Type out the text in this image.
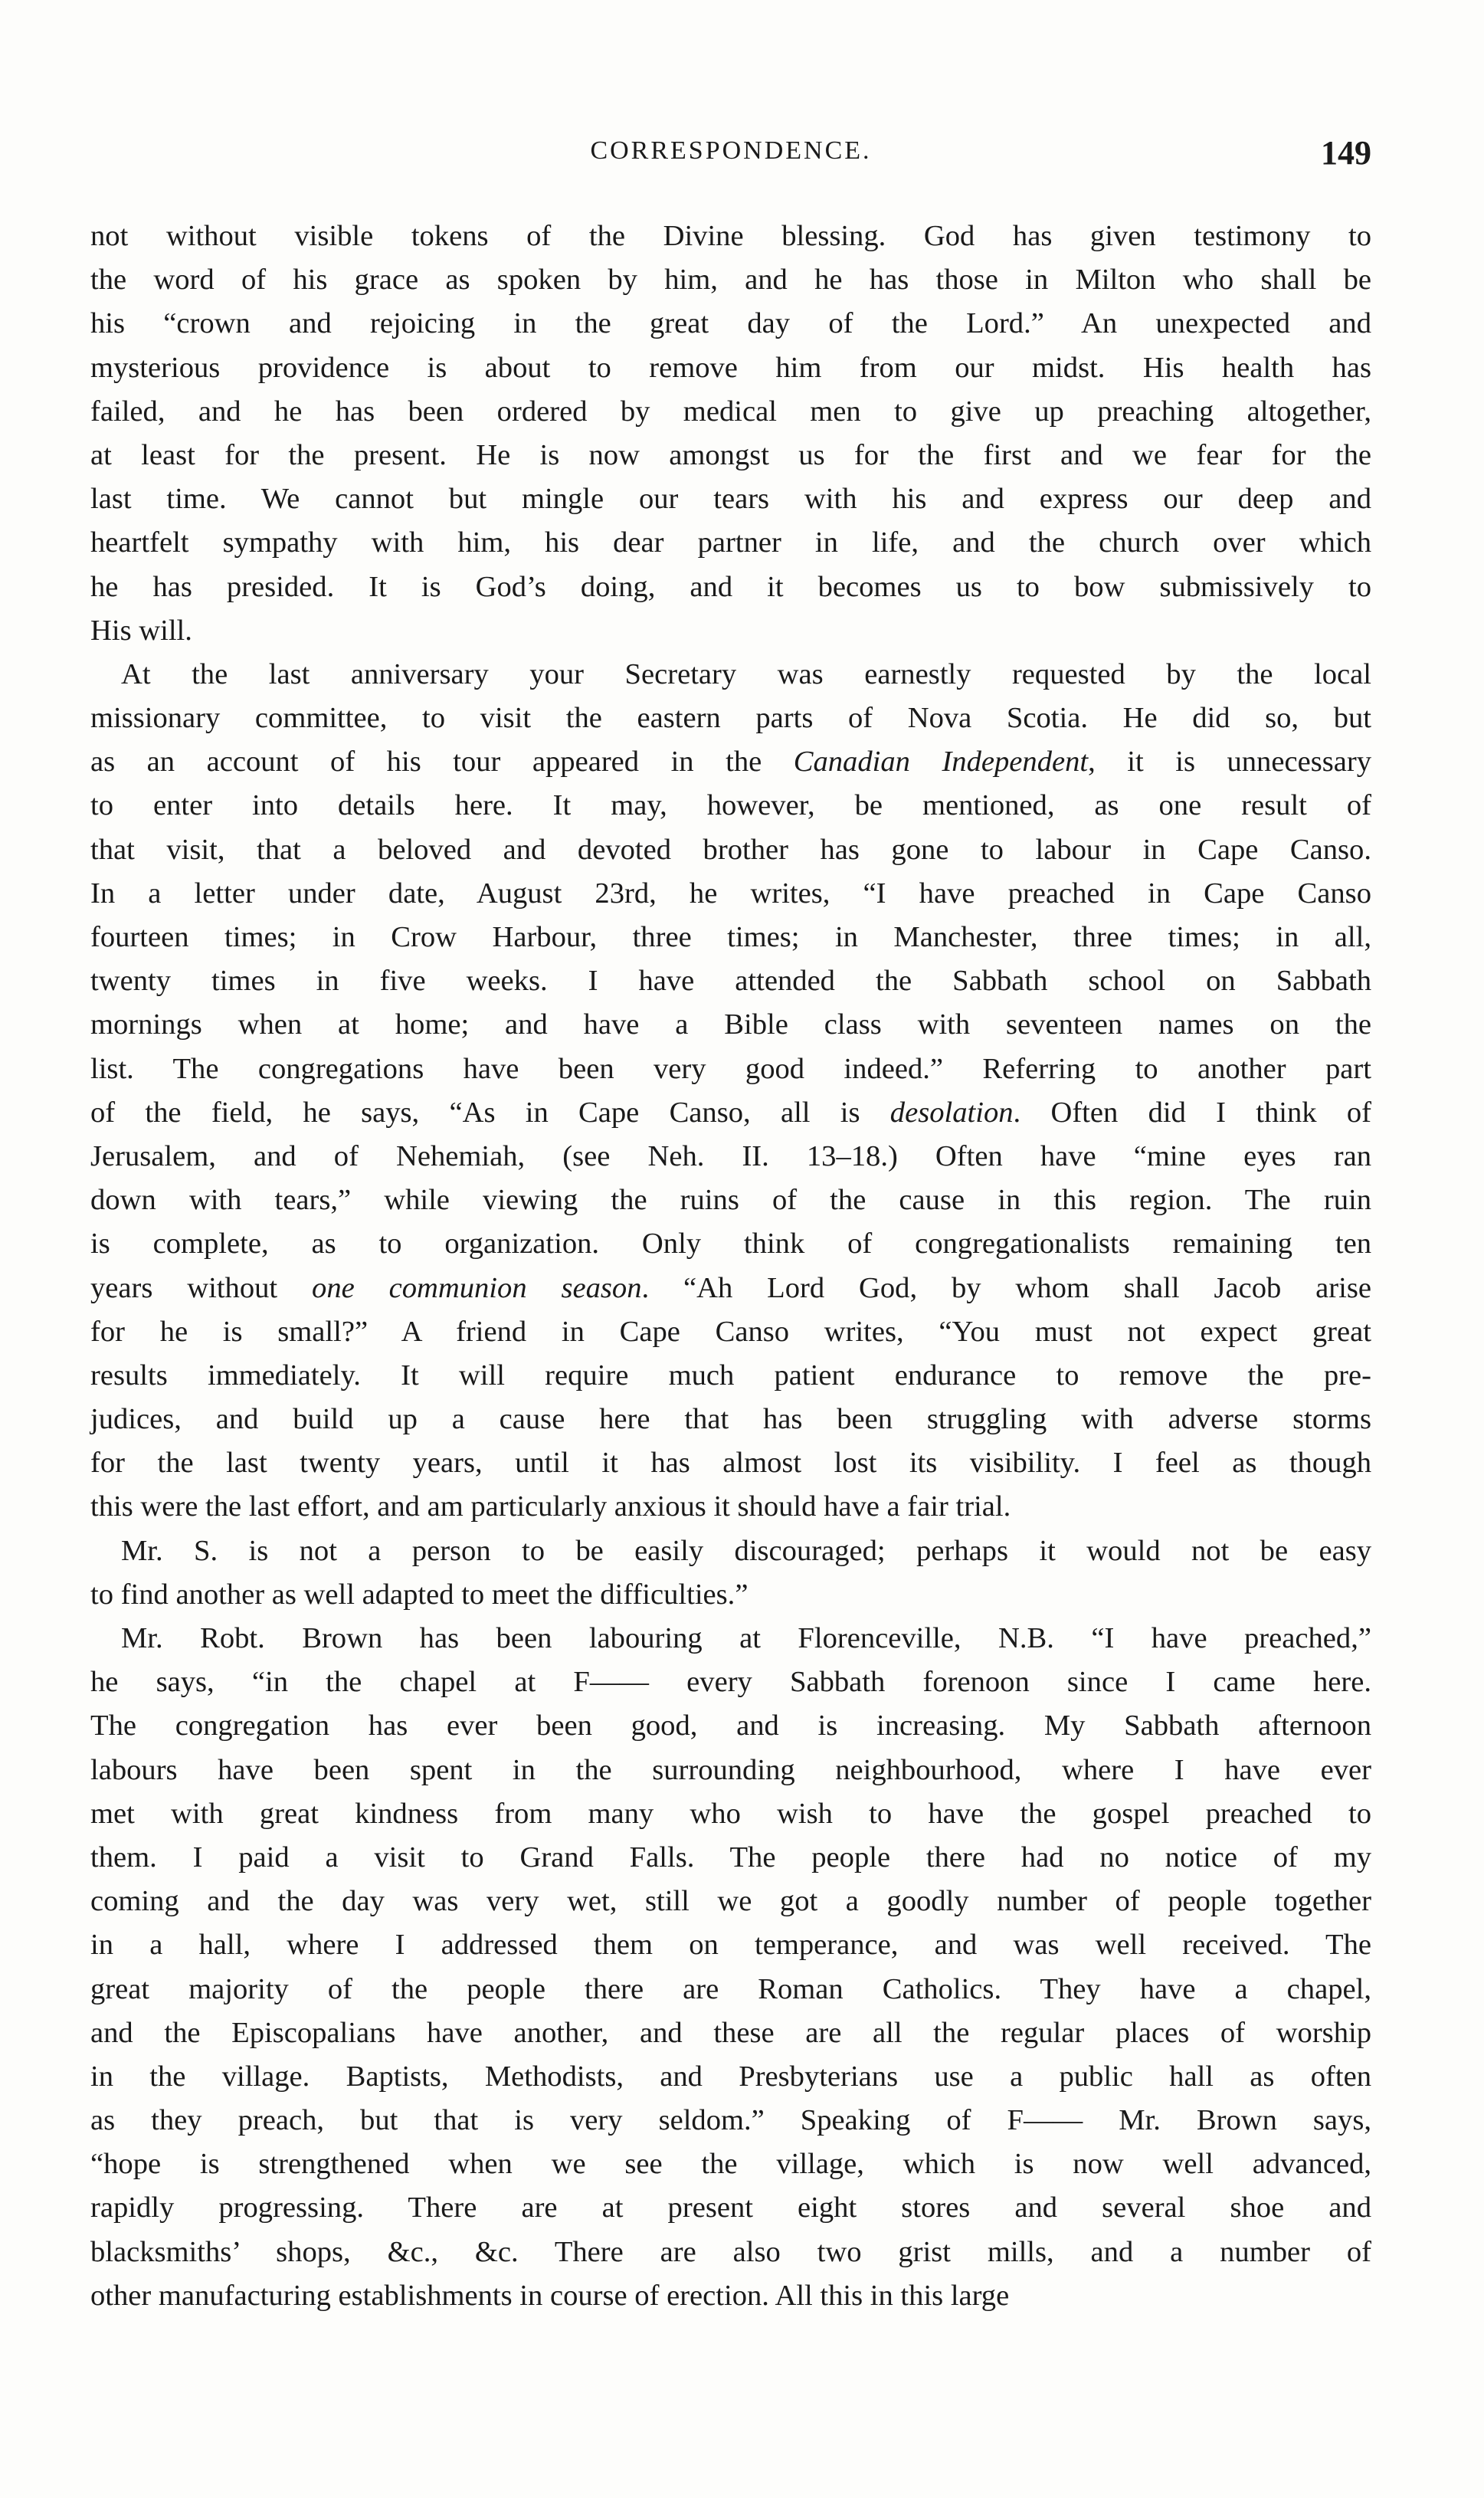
CORRESPONDENCE.	149
not without visible tokens of the Divine blessing. God has given testimony to
the word of his grace as spoken by him, and he has those in Milton who shall be
his “crown and rejoicing in the great day of the Lord.” An unexpected and
mysterious providence is about to remove him from our midst. His health has
failed, and he has been ordered by medical men to give up preaching altogether,
at least for the present. He is now amongst us for the first and we fear for the
last time. We cannot but mingle our tears with his and express our deep and
heartfelt sympathy with him, his dear partner in life, and the church over which
he has presided. It is God’s doing, and it becomes us to bow submissively to
His will.
At the last anniversary your Secretary was earnestly requested by the local
missionary committee, to visit the eastern parts of Nova Scotia. He did so, but
as an account of his tour appeared in the Canadian Independent, it is unnecessary
to enter into details here. It may, however, be mentioned, as one result of
that visit, that a beloved and devoted brother has gone to labour in Cape Canso.
In a letter under date, August 23rd, he writes, “I have preached in Cape Canso
fourteen times; in Crow Harbour, three times; in Manchester, three times; in all,
twenty times in five weeks. I have attended the Sabbath school on Sabbath
mornings when at home; and have a Bible class with seventeen names on the
list. The congregations have been very good indeed.” Referring to another part
of the field, he says, “As in Cape Canso, all is desolation. Often did I think of
Jerusalem, and of Nehemiah, (see Neh. II. 13–18.) Often have “mine eyes ran
down with tears,” while viewing the ruins of the cause in this region. The ruin
is complete, as to organization. Only think of congregationalists remaining ten
years without one communion season. “Ah Lord God, by whom shall Jacob arise
for he is small?” A friend in Cape Canso writes, “You must not expect great
results immediately. It will require much patient endurance to remove the pre-
judices, and build up a cause here that has been struggling with adverse storms
for the last twenty years, until it has almost lost its visibility. I feel as though
this were the last effort, and am particularly anxious it should have a fair trial.
Mr. S. is not a person to be easily discouraged; perhaps it would not be easy
to find another as well adapted to meet the difficulties.”
Mr. Robt. Brown has been labouring at Florenceville, N.B. “I have preached,”
he says, “in the chapel at F—— every Sabbath forenoon since I came here.
The congregation has ever been good, and is increasing. My Sabbath afternoon
labours have been spent in the surrounding neighbourhood, where I have ever
met with great kindness from many who wish to have the gospel preached to
them. I paid a visit to Grand Falls. The people there had no notice of my
coming and the day was very wet, still we got a goodly number of people together
in a hall, where I addressed them on temperance, and was well received. The
great majority of the people there are Roman Catholics. They have a chapel,
and the Episcopalians have another, and these are all the regular places of worship
in the village. Baptists, Methodists, and Presbyterians use a public hall as often
as they preach, but that is very seldom.” Speaking of F—— Mr. Brown says,
“hope is strengthened when we see the village, which is now well advanced,
rapidly progressing. There are at present eight stores and several shoe and
blacksmiths’ shops, &c., &c. There are also two grist mills, and a number of
other manufacturing establishments in course of erection. All this in this large
